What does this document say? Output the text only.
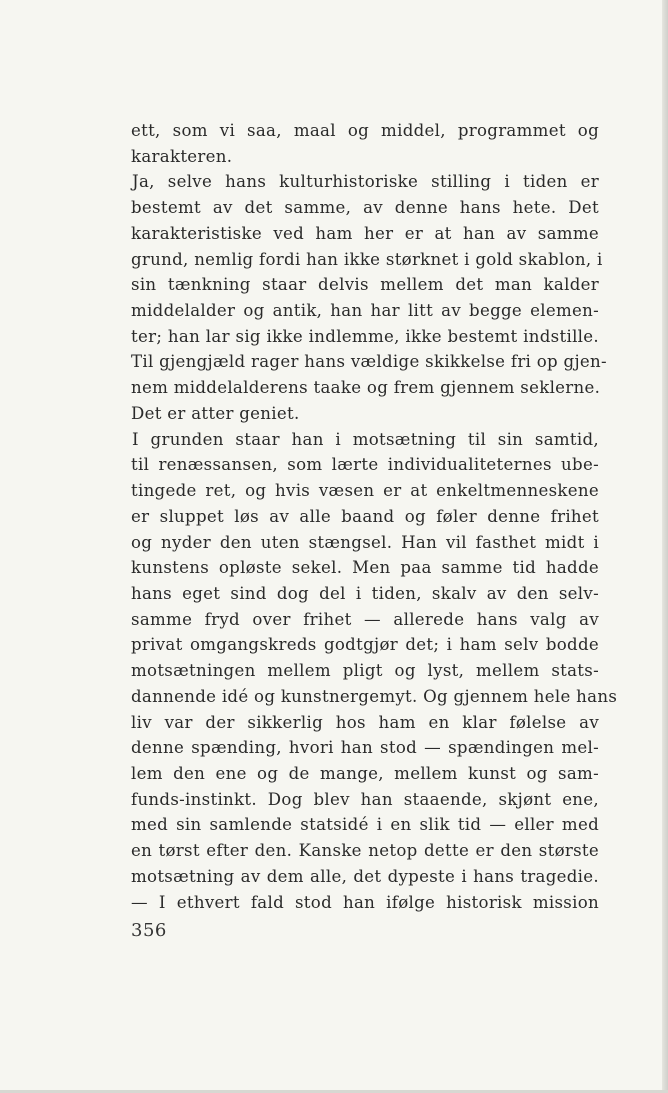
ett, som vi saa, maal og middel, programmet og
karakteren.
Ja, selve hans kulturhistoriske stilling i tiden er
bestemt av det samme, av denne hans hete. Det
karakteristiske ved ham her er at han av samme
grund, nemlig fordi han ikke størknet i gold skablon, i
sin tænkning staar delvis mellem det man kalder
middelalder og antik, han har litt av begge elemen-
ter; han lar sig ikke indlemme, ikke bestemt indstille.
Til gjengjæld rager hans vældige skikkelse fri op gjen-
nem middelalderens taake og frem gjennem seklerne.
Det er atter geniet.
I grunden staar han i motsætning til sin samtid,
til renæssansen, som lærte individualiteternes ube-
tingede ret, og hvis væsen er at enkeltmenneskene
er sluppet løs av alle baand og føler denne frihet
og nyder den uten stængsel. Han vil fasthet midt i
kunstens opløste sekel. Men paa samme tid hadde
hans eget sind dog del i tiden, skalv av den selv-
samme fryd over frihet — allerede hans valg av
privat omgangskreds godtgjør det; i ham selv bodde
motsætningen mellem pligt og lyst, mellem stats-
dannende idé og kunstnergemyt. Og gjennem hele hans
liv var der sikkerlig hos ham en klar følelse av
denne spænding, hvori han stod — spændingen mel-
lem den ene og de mange, mellem kunst og sam-
funds-instinkt. Dog blev han staaende, skjønt ene,
med sin samlende statsidé i en slik tid — eller med
en tørst efter den. Kanske netop dette er den største
motsætning av dem alle, det dypeste i hans tragedie.
— I ethvert fald stod han ifølge historisk mission
356
